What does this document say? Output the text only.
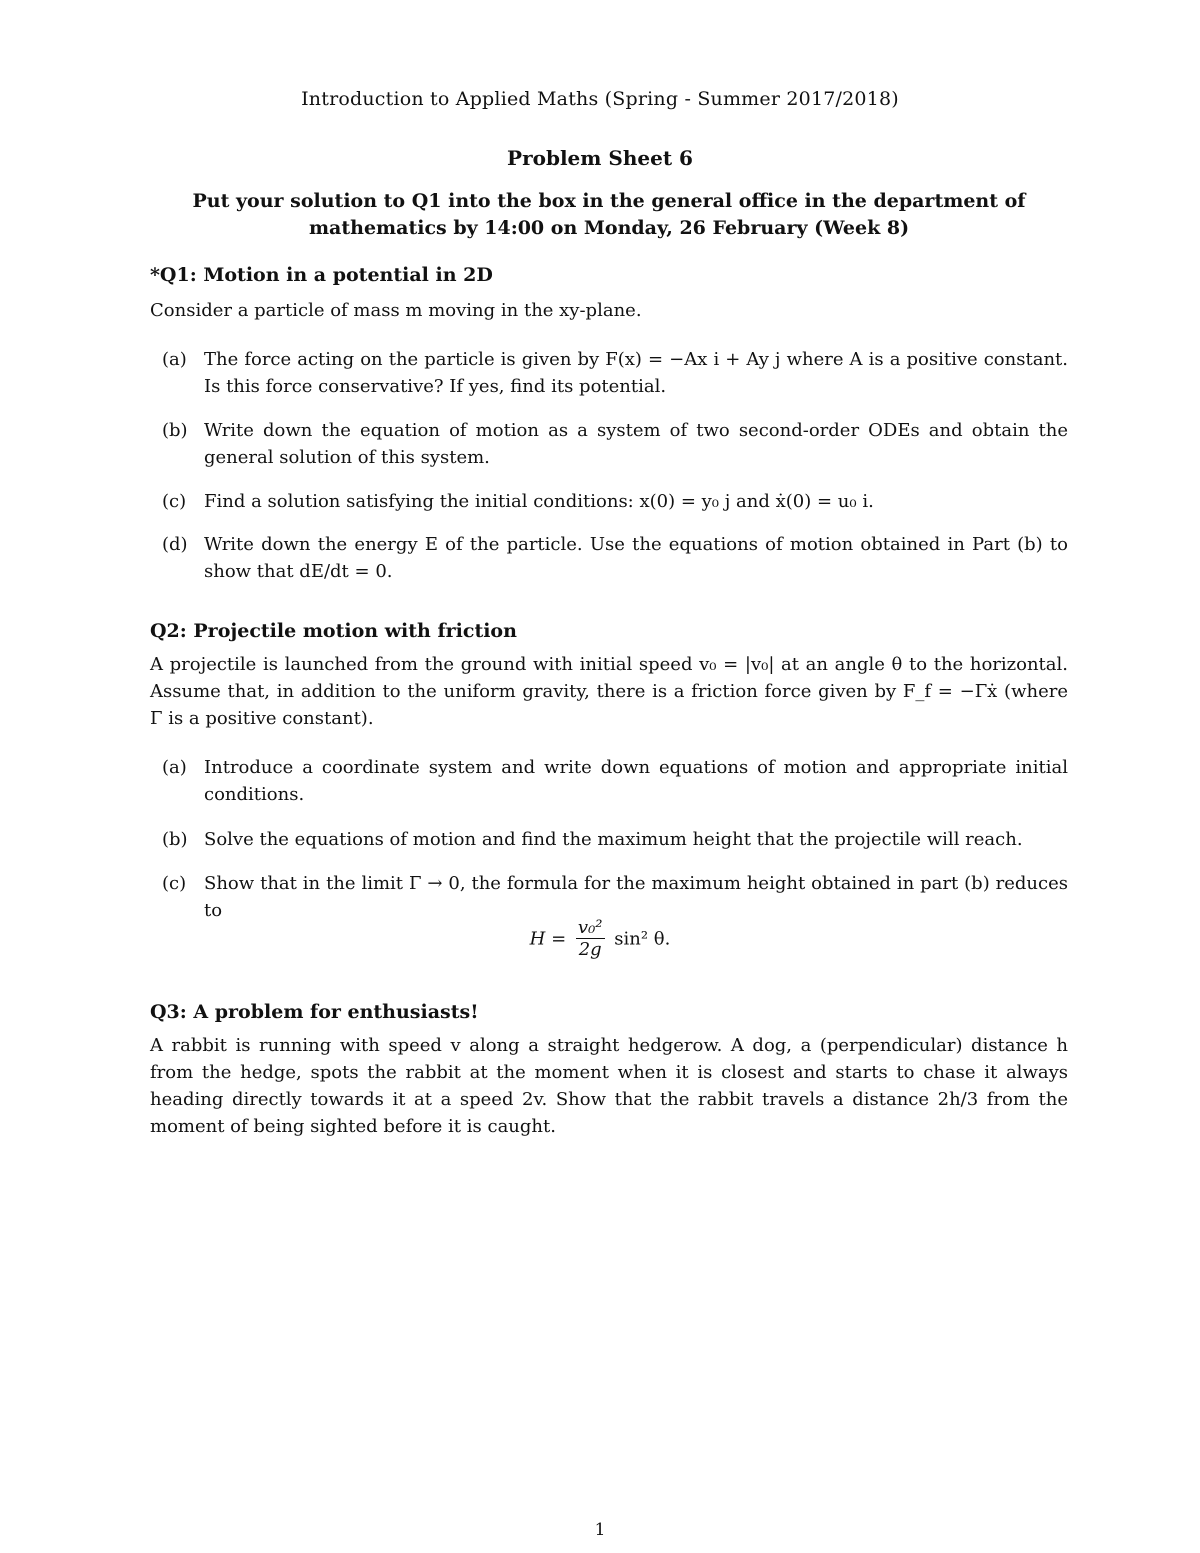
Introduction to Applied Maths (Spring - Summer 2017/2018)
Problem Sheet 6
Put your solution to Q1 into the box in the general office in the department of mathematics by 14:00 on Monday, 26 February (Week 8)
*Q1: Motion in a potential in 2D
Consider a particle of mass m moving in the xy-plane.
(a) The force acting on the particle is given by F(x) = −Ax i + Ay j where A is a positive constant. Is this force conservative? If yes, find its potential.
(b) Write down the equation of motion as a system of two second-order ODEs and obtain the general solution of this system.
(c) Find a solution satisfying the initial conditions: x(0) = y₀ j and ẋ(0) = u₀ i.
(d) Write down the energy E of the particle. Use the equations of motion obtained in Part (b) to show that dE/dt = 0.
Q2: Projectile motion with friction
A projectile is launched from the ground with initial speed v₀ = |v₀| at an angle θ to the horizontal. Assume that, in addition to the uniform gravity, there is a friction force given by F_f = −Γẋ (where Γ is a positive constant).
(a) Introduce a coordinate system and write down equations of motion and appropriate initial conditions.
(b) Solve the equations of motion and find the maximum height that the projectile will reach.
(c) Show that in the limit Γ → 0, the formula for the maximum height obtained in part (b) reduces to
$H = \frac{\text{v₀²}}{2g} \sin^2$ θ.
Q3: A problem for enthusiasts!
A rabbit is running with speed v along a straight hedgerow. A dog, a (perpendicular) distance h from the hedge, spots the rabbit at the moment when it is closest and starts to chase it always heading directly towards it at a speed 2v. Show that the rabbit travels a distance 2h/3 from the moment of being sighted before it is caught.
1
